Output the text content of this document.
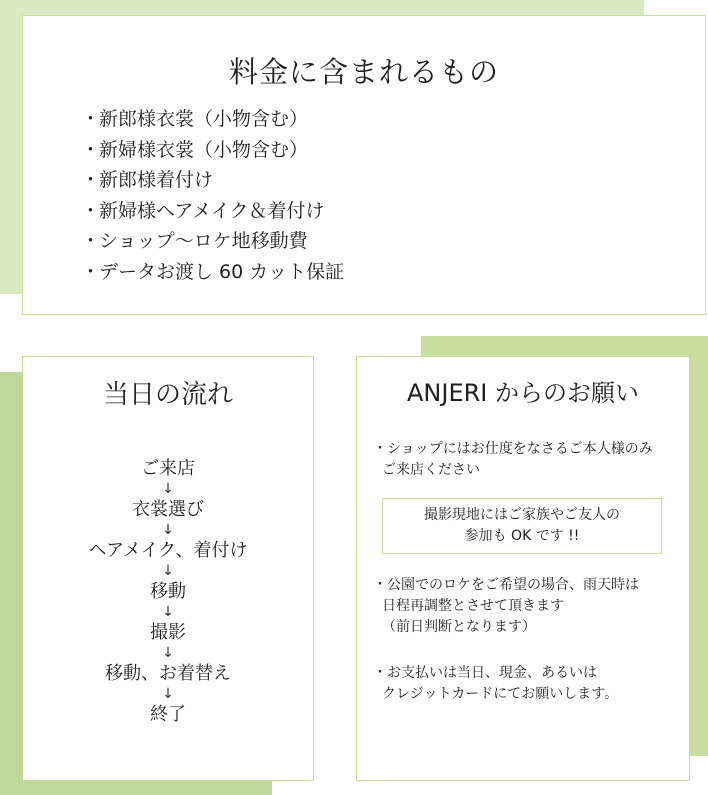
料金に含まれるもの
・新郎様衣裳（小物含む）
・新婦様衣裳（小物含む）
・新郎様着付け
・新婦様ヘアメイク＆着付け
・ショップ～ロケ地移動費
・データお渡し 60 カット保証
当日の流れ
ご来店
↓
衣裳選び
↓
ヘアメイク、着付け
↓
移動
↓
撮影
↓
移動、お着替え
↓
終了
ANJERI からのお願い
・ショップにはお仕度をなさるご本人様のみ
ご来店ください
撮影現地にはご家族やご友人の
参加も OK です !!
・公園でのロケをご希望の場合、雨天時は
日程再調整とさせて頂きます
（前日判断となります）
・お支払いは当日、現金、あるいは
クレジットカードにてお願いします。
